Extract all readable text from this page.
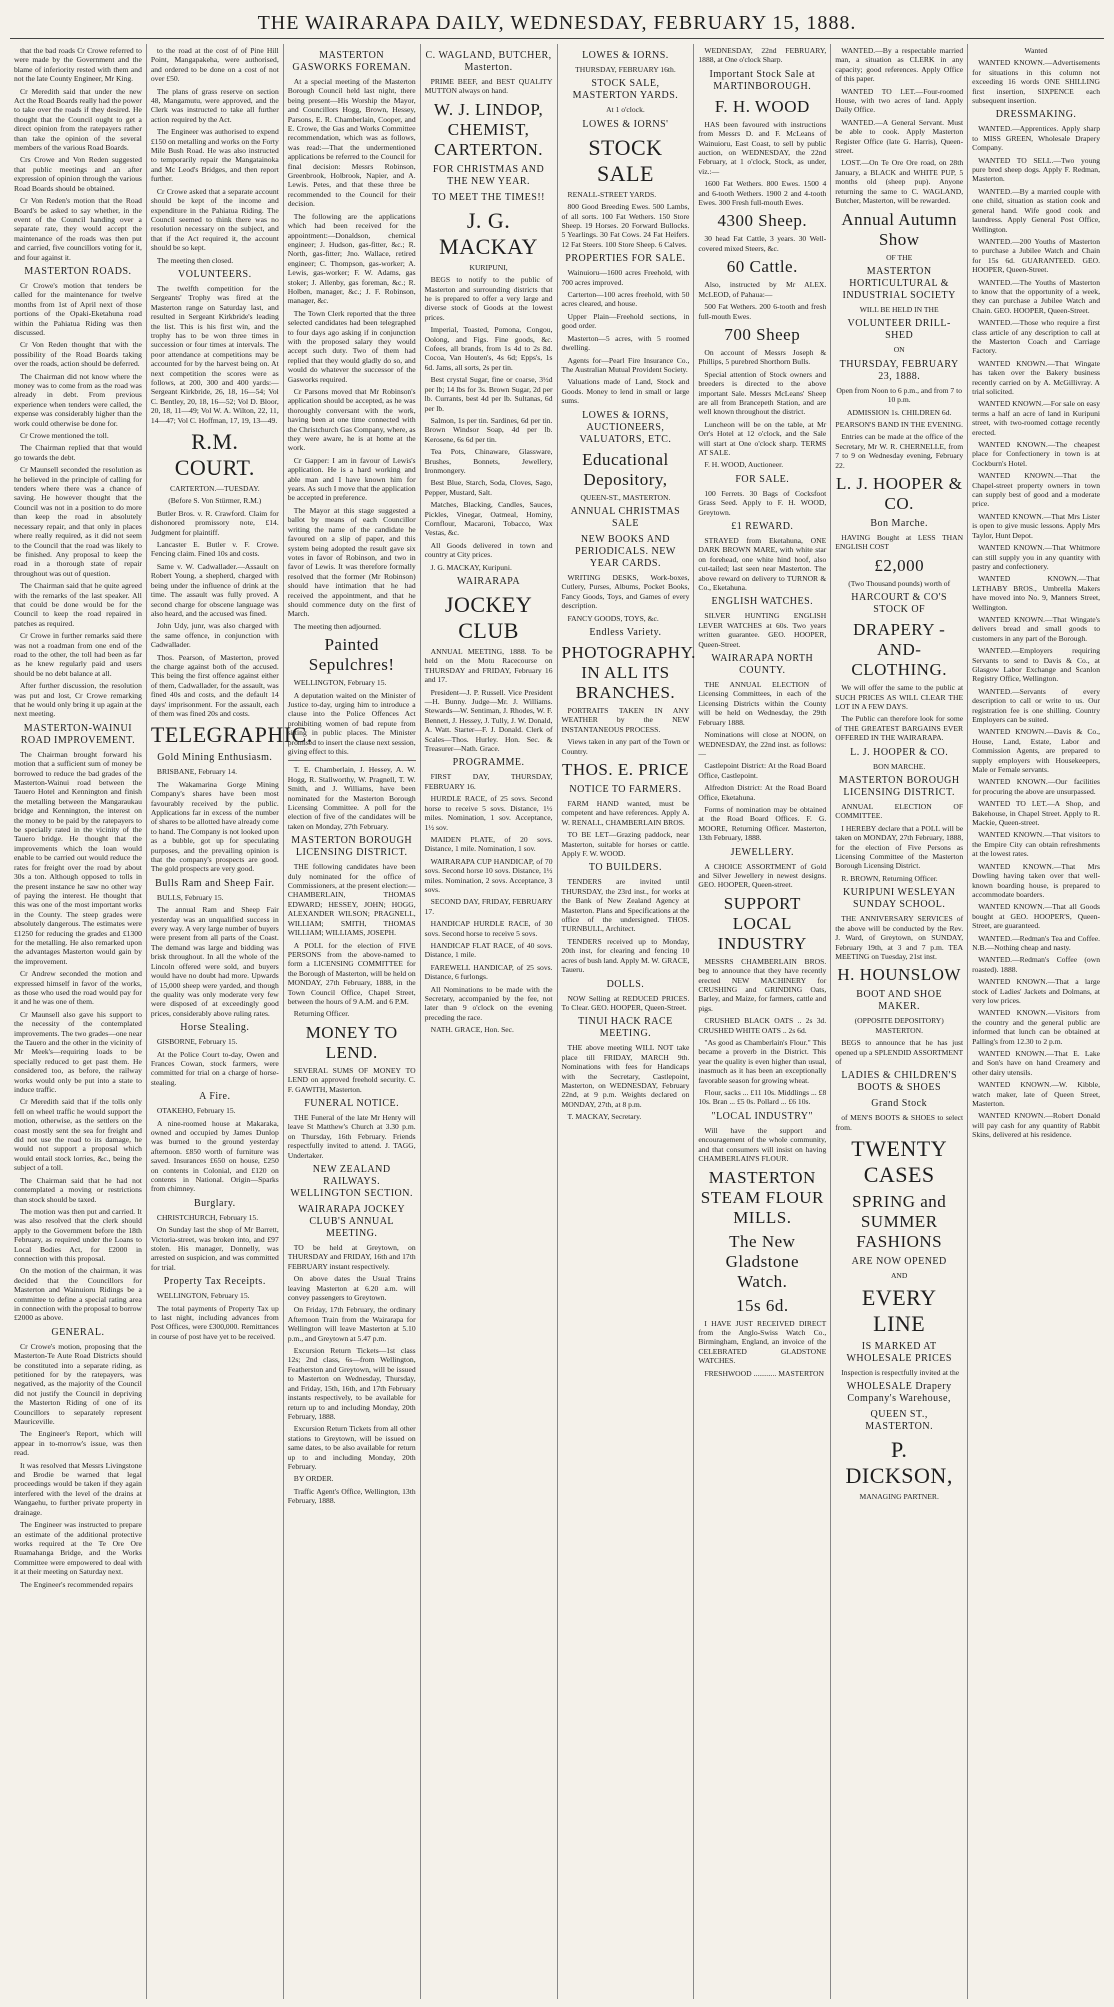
THE WAIRARAPA DAILY, WEDNESDAY, FEBRUARY 15, 1888.

that the bad roads Cr Crowe referred to were made by the Government and the blame of inferiority rested with them and not the late County Engineer, Mr King.

Cr Meredith said that under the new Act the Road Boards really had the power to take over the roads if they desired. He thought that the Council ought to get a direct opinion from the ratepayers rather than take the opinion of the several members of the various Road Boards.

Crs Crowe and Von Reden suggested that public meetings and an after expression of opinion through the various Road Boards should be obtained.

Cr Von Reden's motion that the Road Board's be asked to say whether, in the event of the Council handing over a separate rate, they would accept the maintenance of the roads was then put and carried, five councillors voting for it, and four against it.

MASTERTON ROADS.

Cr Crowe's motion that tenders be called for the maintenance for twelve months from 1st of April next of those portions of the Opaki-Eketahuna road within the Pahiatua Riding was then discussed.

Cr Von Reden thought that with the possibility of the Road Boards taking over the roads, action should be deferred.

The Chairman did not know where the money was to come from as the road was already in debt. From previous experience when tenders were called, the expense was considerably higher than the work could otherwise be done for.

Cr Crowe mentioned the toll.

The Chairman replied that that would go towards the debt.

Cr Maunsell seconded the resolution as he believed in the principle of calling for tenders where there was a chance of saving. He however thought that the Council was not in a position to do more than keep the road in absolutely necessary repair, and that only in places where really required, as it did not seem to the Council that the road was likely to be finished. Any proposal to keep the road in a thorough state of repair throughout was out of question.

The Chairman said that he quite agreed with the remarks of the last speaker. All that could be done would be for the Council to keep the road repaired in patches as required.

Cr Crowe in further remarks said there was not a roadman from one end of the road to the other, the toll had been as far as he knew regularly paid and users should be no debt balance at all.

After further discussion, the resolution was put and lost, Cr Crowe remarking that he would only bring it up again at the next meeting.

MASTERTON-WAINUI ROAD IMPROVEMENT.

The Chairman brought forward his motion that a sufficient sum of money be borrowed to reduce the bad grades of the Masterton-Wainui road between the Tauero Hotel and Kennington and finish the metalling between the Mangaraukau bridge and Kennington, the interest on the money to be paid by the ratepayers to be specially rated in the vicinity of the Tauero bridge. He thought that the improvements which the loan would enable to be carried out would reduce the rates for freight over the road by about 30s a ton. Although opposed to tolls in the present instance he saw no other way of paying the interest. He thought that this was one of the most important works in the County. The steep grades were absolutely dangerous. The estimates were £1250 for reducing the grades and £1300 for the metalling. He also remarked upon the advantages Masterton would gain by the improvement.

Cr Andrew seconded the motion and expressed himself in favor of the works, as those who used the road would pay for it and he was one of them.

Cr Maunsell also gave his support to the necessity of the contemplated improvements. The two grades—one near the Tauero and the other in the vicinity of Mr Meek's—requiring loads to be specially reduced to get past them. He considered too, as before, the railway works would only be put into a state to induce traffic.

Cr Meredith said that if the tolls only fell on wheel traffic he would support the motion, otherwise, as the settlers on the coast mostly sent the sea for freight and did not use the road to its damage, he would not support a proposal which would entail stock lorries, &c., being the subject of a toll.

The Chairman said that he had not contemplated a moving or restrictions than stock should be taxed.

The motion was then put and carried. It was also resolved that the clerk should apply to the Government before the 18th February, as required under the Loans to Local Bodies Act, for £2000 in connection with this proposal.

On the motion of the chairman, it was decided that the Councillors for Masterton and Wainuioru Ridings be a committee to define a special rating area in connection with the proposal to borrow £2000 as above.

GENERAL.

Cr Crowe's motion, proposing that the Masterton-Te Aute Road Districts should be constituted into a separate riding, as petitioned for by the ratepayers, was negatived, as the majority of the Council did not justify the Council in depriving the Masterton Riding of one of its Councillors to separately represent Mauriceville.

The Engineer's Report, which will appear in to-morrow's issue, was then read.

It was resolved that Messrs Livingstone and Brodie be warned that legal proceedings would be taken if they again interfered with the level of the drains at Wangaehu, to further private property in drainage.

The Engineer was instructed to prepare an estimate of the additional protective works required at the Te Ore Ore Ruamahanga Bridge, and the Works Committee were empowered to deal with it at their meeting on Saturday next.

The Engineer's recommended repairs

to the road at the cost of of Pine Hill Point, Mangapakeha, were authorised, and ordered to be done on a cost of not over £50.

The plans of grass reserve on section 48, Mangamutu, were approved, and the Clerk was instructed to take all further action required by the Act.

The Engineer was authorised to expend £150 on metalling and works on the Forty Mile Bush Road. He was also instructed to temporarily repair the Mangatainoka and Mc Leod's Bridges, and then report further.

Cr Crowe asked that a separate account should be kept of the income and expenditure in the Pahiatua Riding. The Council seemed to think there was no resolution necessary on the subject, and that if the Act required it, the account should be so kept.

The meeting then closed.

VOLUNTEERS.

The twelfth competition for the Sergeants' Trophy was fired at the Masterton range on Saturday last, and resulted in Sergeant Kirkbride's leading the list. This is his first win, and the trophy has to be won three times in succession or four times at intervals. The poor attendance at competitions may be accounted for by the harvest being on. At next competition the scores were as follows, at 200, 300 and 400 yards:—Sergeant Kirkbride, 26, 18, 16—54; Vol C. Bentley, 20, 18, 16—52; Vol D. Bloor, 20, 18, 11—49; Vol W. A. Wilton, 22, 11, 14—47; Vol C. Hoffman, 17, 19, 13—49.

R.M. COURT.

CARTERTON.—TUESDAY.

(Before S. Von Stürmer, R.M.)

Butler Bros. v. R. Crawford. Claim for dishonored promissory note, £14. Judgment for plaintiff.

Lancaster E. Butler v. F. Crowe. Fencing claim. Fined 10s and costs.

Same v. W. Cadwallader.—Assault on Robert Young, a shepherd, charged with being under the influence of drink at the time. The assault was fully proved. A second charge for obscene language was also heard, and the accused was fined.

John Udy, junr, was also charged with the same offence, in conjunction with Cadwallader.

Thos. Pearson, of Masterton, proved the charge against both of the accused. This being the first offence against either of them, Cadwallader, for the assault, was fined 40s and costs, and the default 14 days' imprisonment. For the assault, each of them was fined 20s and costs.

TELEGRAPHIC.
Gold Mining Enthusiasm.

BRISBANE, February 14.

The Wakamarina Gorge Mining Company's shares have been most favourably received by the public. Applications far in excess of the number of shares to be allotted have already come to hand. The Company is not looked upon as a bubble, got up for speculating purposes, and the prevailing opinion is that the company's prospects are good. The gold prospects are very good.

Bulls Ram and Sheep Fair.

BULLS, February 15.

The annual Ram and Sheep Fair yesterday was an unqualified success in every way. A very large number of buyers were present from all parts of the Coast. The demand was large and bidding was brisk throughout. In all the whole of the Lincoln offered were sold, and buyers would have no doubt had more. Upwards of 15,000 sheep were yarded, and though the quality was only moderate very few were disposed of at exceedingly good prices, considerably above ruling rates.

Horse Stealing.

GISBORNE, February 15.

At the Police Court to-day, Owen and Frances Cowan, stock farmers, were committed for trial on a charge of horse-stealing.

A Fire.

OTAKEHO, February 15.

A nine-roomed house at Makaraka, owned and occupied by James Dunlop was burned to the ground yesterday afternoon. £850 worth of furniture was saved. Insurances £650 on house, £250 on contents in Colonial, and £120 on contents in National. Origin—Sparks from chimney.

Burglary.

CHRISTCHURCH, February 15.

On Sunday last the shop of Mr Barrett, Victoria-street, was broken into, and £97 stolen. His manager, Donnelly, was arrested on suspicion, and was committed for trial.

Property Tax Receipts.

WELLINGTON, February 15.

The total payments of Property Tax up to last night, including advances from Post Offices, were £300,000. Remittances in course of post have yet to be received.

MASTERTON GASWORKS FOREMAN.

At a special meeting of the Masterton Borough Council held last night, there being present—His Worship the Mayor, and Councillors Hogg, Brown, Hessey, Parsons, E. R. Chamberlain, Cooper, and E. Crowe, the Gas and Works Committee recommendation, which was as follows, was read:—That the undermentioned applications be referred to the Council for final decision: Messrs Robinson, Greenbrook, Holbrook, Napier, and A. Lewis. Petes, and that these three be recommended to the Council for their decision.

The following are the applications which had been received for the appointment:—Donaldson, chemical engineer; J. Hudson, gas-fitter, &c.; R. North, gas-fitter; Jno. Wallace, retired engineer; C. Thompson, gas-worker; A. Lewis, gas-worker; F. W. Adams, gas stoker; J. Allenby, gas foreman, &c.; R. Holben, manager, &c.; J. F. Robinson, manager, &c.

The Town Clerk reported that the three selected candidates had been telegraphed to four days ago asking if in conjunction with the proposed salary they would accept such duty. Two of them had replied that they would gladly do so, and would do whatever the successor of the Gasworks required.

Cr Parsons moved that Mr Robinson's application should be accepted, as he was thoroughly conversant with the work, having been at one time connected with the Christchurch Gas Company, where, as they were aware, he is at home at the work.

Cr Gapper: I am in favour of Lewis's application. He is a hard working and able man and I have known him for years. As such I move that the application be accepted in preference.

The Mayor at this stage suggested a ballot by means of each Councillor writing the name of the candidate he favoured on a slip of paper, and this system being adopted the result gave six votes in favor of Robinson, and two in favor of Lewis. It was therefore formally resolved that the former (Mr Robinson) should have intimation that he had received the appointment, and that he should commence duty on the first of March.

The meeting then adjourned.

Painted Sepulchres!

WELLINGTON, February 15.

A deputation waited on the Minister of Justice to-day, urging him to introduce a clause into the Police Offences Act prohibiting women of bad repute from sitting in public places. The Minister promised to insert the clause next session, giving effect to this.

T. E. Chamberlain, J. Hessey, A. W. Hogg, R. Stallworthy, W. Pragnell, T. W. Smith, and J. Williams, have been nominated for the Masterton Borough Licensing Committee. A poll for the election of five of the candidates will be taken on Monday, 27th February.

MASTERTON BOROUGH LICENSING DISTRICT.

THE following candidates have been duly nominated for the office of Commissioners, at the present election:—CHAMBERLAIN, THOMAS EDWARD; HESSEY, JOHN; HOGG, ALEXANDER WILSON; PRAGNELL, WILLIAM; SMITH, THOMAS WILLIAM; WILLIAMS, JOSEPH.

A POLL for the election of FIVE PERSONS from the above-named to form a LICENSING COMMITTEE for the Borough of Masterton, will be held on MONDAY, 27th February, 1888, in the Town Council Office, Chapel Street, between the hours of 9 A.M. and 6 P.M.

Returning Officer.

MONEY TO LEND.

SEVERAL SUMS OF MONEY TO LEND on approved freehold security. C. F. GAWITH, Masterton.

FUNERAL NOTICE.

THE Funeral of the late Mr Henry will leave St Matthew's Church at 3.30 p.m. on Thursday, 16th February. Friends respectfully invited to attend. J. TAGG, Undertaker.

NEW ZEALAND RAILWAYS. WELLINGTON SECTION.
WAIRARAPA JOCKEY CLUB'S ANNUAL MEETING.

TO be held at Greytown, on THURSDAY and FRIDAY, 16th and 17th FEBRUARY instant respectively.

On above dates the Usual Trains leaving Masterton at 6.20 a.m. will convey passengers to Greytown.

On Friday, 17th February, the ordinary Afternoon Train from the Wairarapa for Wellington will leave Masterton at 5.10 p.m., and Greytown at 5.47 p.m.

Excursion Return Tickets—1st class 12s; 2nd class, 6s—from Wellington, Featherston and Greytown, will be issued to Masterton on Wednesday, Thursday, and Friday, 15th, 16th, and 17th February instants respectively, to be available for return up to and including Monday, 20th February, 1888.

Excursion Return Tickets from all other stations to Greytown, will be issued on same dates, to be also available for return up to and including Monday, 20th February.

BY ORDER.

Traffic Agent's Office, Wellington, 13th February, 1888.

C. WAGLAND, BUTCHER, Masterton.

PRIME BEEF, and BEST QUALITY MUTTON always on hand.

W. J. LINDOP, CHEMIST, CARTERTON.
FOR CHRISTMAS AND THE NEW YEAR.
TO MEET THE TIMES!!
J. G. MACKAY

KURIPUNI,

BEGS to notify to the public of Masterton and surrounding districts that he is prepared to offer a very large and diverse stock of Goods at the lowest prices.

Imperial, Toasted, Pomona, Congou, Oolong, and Figs. Fine goods, &c. Cofees, all brands, from 1s 4d to 2s 8d. Cocoa, Van Houten's, 4s 6d; Epps's, 1s 6d. Jams, all sorts, 2s per tin.

Best crystal Sugar, fine or coarse, 3½d per lb; 14 lbs for 3s. Brown Sugar, 2d per lb. Currants, best 4d per lb. Sultanas, 6d per lb.

Salmon, 1s per tin. Sardines, 6d per tin. Brown Windsor Soap, 4d per lb. Kerosene, 6s 6d per tin.

Tea Pots, Chinaware, Glassware, Brushes, Bonnets, Jewellery, Ironmongery.

Best Blue, Starch, Soda, Cloves, Sago, Pepper, Mustard, Salt.

Matches, Blacking, Candles, Sauces, Pickles, Vinegar, Oatmeal, Hominy, Cornflour, Macaroni, Tobacco, Wax Vestas, &c.

All Goods delivered in town and country at City prices.

J. G. MACKAY, Kuripuni.

WAIRARAPA
JOCKEY CLUB

ANNUAL MEETING, 1888. To be held on the Motu Racecourse on THURSDAY and FRIDAY, February 16 and 17.

President—J. P. Russell. Vice President—H. Bunny. Judge—Mr. J. Williams. Stewards—W. Sentiman, J. Rhodes, W. F. Bennett, J. Hessey, J. Tully, J. W. Donald, A. Watt. Starter—F. J. Donald. Clerk of Scales—Thos. Hurley. Hon. Sec. & Treasurer—Nath. Grace.

PROGRAMME.

FIRST DAY, THURSDAY, FEBRUARY 16.

HURDLE RACE, of 25 sovs. Second horse to receive 5 sovs. Distance, 1½ miles. Nomination, 1 sov. Acceptance, 1½ sov.

MAIDEN PLATE, of 20 sovs. Distance, 1 mile. Nomination, 1 sov.

WAIRARAPA CUP HANDICAP, of 70 sovs. Second horse 10 sovs. Distance, 1½ miles. Nomination, 2 sovs. Acceptance, 3 sovs.

SECOND DAY, FRIDAY, FEBRUARY 17.

HANDICAP HURDLE RACE, of 30 sovs. Second horse to receive 5 sovs.

HANDICAP FLAT RACE, of 40 sovs. Distance, 1 mile.

FAREWELL HANDICAP, of 25 sovs. Distance, 6 furlongs.

All Nominations to be made with the Secretary, accompanied by the fee, not later than 9 o'clock on the evening preceding the race.

NATH. GRACE, Hon. Sec.

LOWES & IORNS.

THURSDAY, FEBRUARY 16th.

STOCK SALE, MASTERTON YARDS.

At 1 o'clock.

LOWES & IORNS'
STOCK SALE

RENALL-STREET YARDS.

800 Good Breeding Ewes. 500 Lambs, of all sorts. 100 Fat Wethers. 150 Store Sheep. 19 Horses. 20 Forward Bullocks. 5 Yearlings. 30 Fat Cows. 24 Fat Heifers. 12 Fat Steers. 100 Store Sheep. 6 Calves.

PROPERTIES FOR SALE.

Wainuioru—1600 acres Freehold, with 700 acres improved.

Carterton—100 acres freehold, with 50 acres cleared, and house.

Upper Plain—Freehold sections, in good order.

Masterton—5 acres, with 5 roomed dwelling.

Agents for—Pearl Fire Insurance Co., The Australian Mutual Provident Society.

Valuations made of Land, Stock and Goods. Money to lend in small or large sums.

LOWES & IORNS, AUCTIONEERS, VALUATORS, ETC.
Educational Depository,

QUEEN-ST., MASTERTON.

ANNUAL CHRISTMAS SALE
NEW BOOKS AND PERIODICALS. NEW YEAR CARDS.

WRITING DESKS, Work-boxes, Cutlery, Purses, Albums, Pocket Books, Fancy Goods, Toys, and Games of every description.

FANCY GOODS, TOYS, &c.

Endless Variety.
PHOTOGRAPHY. IN ALL ITS BRANCHES.

PORTRAITS TAKEN IN ANY WEATHER by the NEW INSTANTANEOUS PROCESS.

Views taken in any part of the Town or Country.

THOS. E. PRICE
NOTICE TO FARMERS.

FARM HAND wanted, must be competent and have references. Apply A. W. RENALL, CHAMBERLAIN BROS.

TO BE LET—Grazing paddock, near Masterton, suitable for horses or cattle. Apply F. W. WOOD.

TO BUILDERS.

TENDERS are invited until THURSDAY, the 23rd inst., for works at the Bank of New Zealand Agency at Masterton. Plans and Specifications at the office of the undersigned. THOS. TURNBULL, Architect.

TENDERS received up to Monday, 20th inst, for clearing and fencing 10 acres of bush land. Apply M. W. GRACE, Taueru.

DOLLS.

NOW Selling at REDUCED PRICES. To Clear. GEO. HOOPER, Queen-Street.

TINUI HACK RACE MEETING.

THE above meeting WILL NOT take place till FRIDAY, MARCH 9th. Nominations with fees for Handicaps with the Secretary, Castlepoint, Masterton, on WEDNESDAY, February 22nd, at 9 p.m. Weights declared on MONDAY, 27th, at 8 p.m.

T. MACKAY, Secretary.

WEDNESDAY, 22nd FEBRUARY, 1888, at One o'clock Sharp.

Important Stock Sale at MARTINBOROUGH.
F. H. WOOD

HAS been favoured with instructions from Messrs D. and F. McLeans of Wainuioru, East Coast, to sell by public auction, on WEDNESDAY, the 22nd February, at 1 o'clock, Stock, as under, viz.:—

1600 Fat Wethers. 800 Ewes. 1500 4 and 6-tooth Wethers. 1900 2 and 4-tooth Ewes. 300 Fresh full-mouth Ewes.

4300 Sheep.

30 head Fat Cattle, 3 years. 30 Well-covered mixed Steers, &c.

60 Cattle.

Also, instructed by Mr ALEX. McLEOD, of Pahaua:—

500 Fat Wethers. 200 6-tooth and fresh full-mouth Ewes.

700 Sheep

On account of Messrs Joseph & Phillips, 5 purebred Shorthorn Bulls.

Special attention of Stock owners and breeders is directed to the above important Sale. Messrs McLeans' Sheep are all from Brancepeth Station, and are well known throughout the district.

Luncheon will be on the table, at Mr Orr's Hotel at 12 o'clock, and the Sale will start at One o'clock sharp. TERMS AT SALE.

F. H. WOOD, Auctioneer.

FOR SALE.

100 Ferrets. 30 Bags of Cocksfoot Grass Seed. Apply to F. H. WOOD, Greytown.

£1 REWARD.

STRAYED from Eketahuna, ONE DARK BROWN MARE, with white star on forehead, one white hind hoof, also cut-tailed; last seen near Masterton. The above reward on delivery to TURNOR & Co., Eketahuna.

ENGLISH WATCHES.

SILVER HUNTING ENGLISH LEVER WATCHES at 60s. Two years written guarantee. GEO. HOOPER, Queen-Street.

WAIRARAPA NORTH COUNTY.

THE ANNUAL ELECTION of Licensing Committees, in each of the Licensing Districts within the County will be held on Wednesday, the 29th February 1888.

Nominations will close at NOON, on WEDNESDAY, the 22nd inst. as follows:—

Castlepoint District: At the Road Board Office, Castlepoint.

Alfredton District: At the Road Board Office, Eketahuna.

Forms of nomination may be obtained at the Road Board Offices. F. G. MOORE, Returning Officer. Masterton, 13th February, 1888.

JEWELLERY.

A CHOICE ASSORTMENT of Gold and Silver Jewellery in newest designs. GEO. HOOPER, Queen-street.

SUPPORT LOCAL INDUSTRY

MESSRS CHAMBERLAIN BROS. beg to announce that they have recently erected NEW MACHINERY for CRUSHING and GRINDING Oats, Barley, and Maize, for farmers, cattle and pigs.

CRUSHED BLACK OATS .. 2s 3d. CRUSHED WHITE OATS .. 2s 6d.

"As good as Chamberlain's Flour." This became a proverb in the District. This year the quality is even higher than usual, inasmuch as it has been an exceptionally favorable season for growing wheat.

Flour, sacks ... £11 10s. Middlings ... £8 10s. Bran ... £5 0s. Pollard ... £6 10s.

"LOCAL INDUSTRY"

Will have the support and encouragement of the whole community, and that consumers will insist on having CHAMBERLAIN'S FLOUR.

MASTERTON STEAM FLOUR MILLS.
The New Gladstone Watch.
15s 6d.

I HAVE JUST RECEIVED DIRECT from the Anglo-Swiss Watch Co., Birmingham, England, an invoice of the CELEBRATED GLADSTONE WATCHES.

FRESHWOOD ............ MASTERTON

WANTED.—By a respectable married man, a situation as CLERK in any capacity; good references. Apply Office of this paper.

WANTED TO LET.—Four-roomed House, with two acres of land. Apply Daily Office.

WANTED.—A General Servant. Must be able to cook. Apply Masterton Register Office (late G. Harris), Queen-street.

LOST.—On Te Ore Ore road, on 28th January, a BLACK and WHITE PUP, 5 months old (sheep pup). Anyone returning the same to C. WAGLAND, Butcher, Masterton, will be rewarded.

Annual Autumn Show

OF THE

MASTERTON HORTICULTURAL & INDUSTRIAL SOCIETY

WILL BE HELD IN THE

VOLUNTEER DRILL-SHED

ON

THURSDAY, FEBRUARY 23, 1888.

Open from Noon to 6 p.m., and from 7 to 10 p.m.

ADMISSION 1s. CHILDREN 6d.

PEARSON'S BAND IN THE EVENING.

Entries can be made at the office of the Secretary, Mr W. R. CHERNELLE, from 7 to 9 on Wednesday evening, February 22.

L. J. HOOPER & CO.
Bon Marche.

HAVING Bought at LESS THAN ENGLISH COST

£2,000

(Two Thousand pounds) worth of

HARCOURT & CO'S STOCK OF
DRAPERY -AND- CLOTHING.

We will offer the same to the public at SUCH PRICES AS WILL CLEAR THE LOT IN A FEW DAYS.

The Public can therefore look for some of THE GREATEST BARGAINS EVER OFFERED IN THE WAIRARAPA.

L. J. HOOPER & CO.

BON MARCHE.

MASTERTON BOROUGH LICENSING DISTRICT.

ANNUAL ELECTION OF COMMITTEE.

I HEREBY declare that a POLL will be taken on MONDAY, 27th February, 1888, for the election of Five Persons as Licensing Committee of the Masterton Borough Licensing District.

R. BROWN, Returning Officer.

KURIPUNI WESLEYAN SUNDAY SCHOOL.

THE ANNIVERSARY SERVICES of the above will be conducted by the Rev. J. Ward, of Greytown, on SUNDAY, February 19th, at 3 and 7 p.m. TEA MEETING on Tuesday, 21st inst.

H. HOUNSLOW
BOOT AND SHOE MAKER.

(OPPOSITE DEPOSITORY) MASTERTON.

BEGS to announce that he has just opened up a SPLENDID ASSORTMENT of

LADIES & CHILDREN'S BOOTS & SHOES
Grand Stock

of MEN'S BOOTS & SHOES to select from.

TWENTY CASES
SPRING and SUMMER FASHIONS
ARE NOW OPENED

AND

EVERY LINE
IS MARKED AT WHOLESALE PRICES

Inspection is respectfully invited at the

WHOLESALE Drapery Company's Warehouse,
QUEEN ST., MASTERTON.
P. DICKSON,

MANAGING PARTNER.

Wanted

WANTED KNOWN.—Advertisements for situations in this column not exceeding 16 words ONE SHILLING first insertion, SIXPENCE each subsequent insertion.

DRESSMAKING.

WANTED.—Apprentices. Apply sharp to MISS GREEN, Wholesale Drapery Company.

WANTED TO SELL.—Two young pure bred sheep dogs. Apply F. Redman, Masterton.

WANTED.—By a married couple with one child, situation as station cook and general hand. Wife good cook and laundress. Apply General Post Office, Wellington.

WANTED.—200 Youths of Masterton to purchase a Jubilee Watch and Chain for 15s 6d. GUARANTEED. GEO. HOOPER, Queen-Street.

WANTED.—The Youths of Masterton to know that the opportunity of a week, they can purchase a Jubilee Watch and Chain. GEO. HOOPER, Queen-Street.

WANTED.—Those who require a first class article of any description to call at the Masterton Coach and Carriage Factory.

WANTED KNOWN.—That Wingate has taken over the Bakery business recently carried on by A. McGillivray. A trial solicited.

WANTED KNOWN.—For sale on easy terms a half an acre of land in Kuripuni street, with two-roomed cottage recently erected.

WANTED KNOWN.—The cheapest place for Confectionery in town is at Cockburn's Hotel.

WANTED KNOWN.—That the Chapel-street property owners in town can supply best of good and a moderate price.

WANTED KNOWN.—That Mrs Lister is open to give music lessons. Apply Mrs Taylor, Hunt Depot.

WANTED KNOWN.—That Whitmore can still supply you in any quantity with pastry and confectionery.

WANTED KNOWN.—That LETHABY BROS., Umbrella Makers have moved into No. 9, Manners Street, Wellington.

WANTED KNOWN.—That Wingate's delivers bread and small goods to customers in any part of the Borough.

WANTED.—Employers requiring Servants to send to Davis & Co., at Glasgow Labor Exchange and Scanlon Registry Office, Wellington.

WANTED.—Servants of every description to call or write to us. Our registration fee is one shilling. Country Employers can be suited.

WANTED KNOWN.—Davis & Co., House, Land, Estate, Labor and Commission Agents, are prepared to supply employers with Housekeepers, Male or Female servants.

WANTED KNOWN.—Our facilities for procuring the above are unsurpassed.

WANTED TO LET.—A Shop, and Bakehouse, in Chapel Street. Apply to R. Mackie, Queen-street.

WANTED KNOWN.—That visitors to the Empire City can obtain refreshments at the lowest rates.

WANTED KNOWN.—That Mrs Dowling having taken over that well-known boarding house, is prepared to accommodate boarders.

WANTED KNOWN.—That all Goods bought at GEO. HOOPER'S, Queen-Street, are guaranteed.

WANTED.—Redman's Tea and Coffee. N.B.—Nothing cheap and nasty.

WANTED.—Redman's Coffee (own roasted). 1888.

WANTED KNOWN.—That a large stock of Ladies' Jackets and Dolmans, at very low prices.

WANTED KNOWN.—Visitors from the country and the general public are informed that lunch can be obtained at Palling's from 12.30 to 2 p.m.

WANTED KNOWN.—That E. Lake and Son's have on hand Creamery and other dairy utensils.

WANTED KNOWN.—W. Kibble, watch maker, late of Queen Street, Masterton.

WANTED KNOWN.—Robert Donald will pay cash for any quantity of Rabbit Skins, delivered at his residence.
